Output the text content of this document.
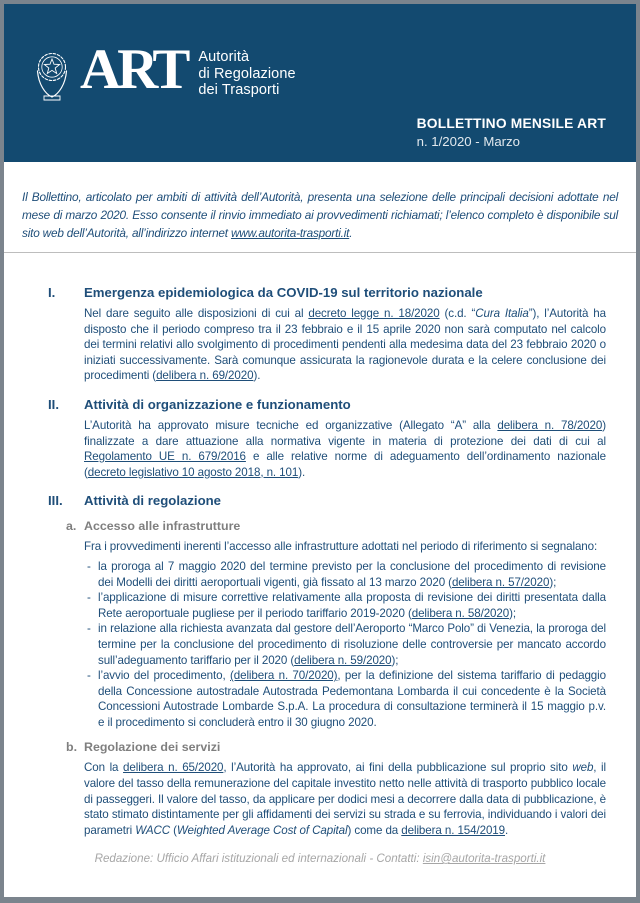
ART Autorità
di Regolazione
dei Trasporti
BOLLETTINO MENSILE ART
n. 1/2020 - Marzo

Il Bollettino, articolato per ambiti di attività dell’Autorità, presenta una selezione delle principali decisioni adottate nel mese di marzo 2020. Esso consente il rinvio immediato ai provvedimenti richiamati; l’elenco completo è disponibile sul sito web dell’Autorità, all’indirizzo internet www.autorita-trasporti.it.

I.	Emergenza epidemiologica da COVID-19 sul territorio nazionale

Nel dare seguito alle disposizioni di cui al decreto legge n. 18/2020 (c.d. “Cura Italia”), l’Autorità ha disposto che il periodo compreso tra il 23 febbraio e il 15 aprile 2020 non sarà computato nel calcolo dei termini relativi allo svolgimento di procedimenti pendenti alla medesima data del 23 febbraio 2020 o iniziati successivamente. Sarà comunque assicurata la ragionevole durata e la celere conclusione dei procedimenti (delibera n. 69/2020).

II.	Attività di organizzazione e funzionamento

L’Autorità ha approvato misure tecniche ed organizzative (Allegato “A” alla delibera n. 78/2020) finalizzate a dare attuazione alla normativa vigente in materia di protezione dei dati di cui al Regolamento UE n. 679/2016 e alle relative norme di adeguamento dell’ordinamento nazionale (decreto legislativo 10 agosto 2018, n. 101).

III.	Attività di regolazione
a. Accesso alle infrastrutture

Fra i provvedimenti inerenti l’accesso alle infrastrutture adottati nel periodo di riferimento si segnalano:

- la proroga al 7 maggio 2020 del termine previsto per la conclusione del procedimento di revisione dei Modelli dei diritti aeroportuali vigenti, già fissato al 13 marzo 2020 (delibera n. 57/2020);

- l’applicazione di misure correttive relativamente alla proposta di revisione dei diritti presentata dalla Rete aeroportuale pugliese per il periodo tariffario 2019-2020 (delibera n. 58/2020);

- in relazione alla richiesta avanzata dal gestore dell’Aeroporto “Marco Polo” di Venezia, la proroga del termine per la conclusione del procedimento di risoluzione delle controversie per mancato accordo sull’adeguamento tariffario per il 2020 (delibera n. 59/2020);

- l’avvio del procedimento, (delibera n. 70/2020), per la definizione del sistema tariffario di pedaggio della Concessione autostradale Autostrada Pedemontana Lombarda il cui concedente è la Società Concessioni Autostrade Lombarde S.p.A. La procedura di consultazione terminerà il 15 maggio p.v. e il procedimento si concluderà entro il 30 giugno 2020.

b. Regolazione dei servizi

Con la delibera n. 65/2020, l’Autorità ha approvato, ai fini della pubblicazione sul proprio sito web, il valore del tasso della remunerazione del capitale investito netto nelle attività di trasporto pubblico locale di passeggeri. Il valore del tasso, da applicare per dodici mesi a decorrere dalla data di pubblicazione, è stato stimato distintamente per gli affidamenti dei servizi su strada e su ferrovia, individuando i valori dei parametri WACC (Weighted Average Cost of Capital) come da delibera n. 154/2019.

Redazione: Ufficio Affari istituzionali ed internazionali - Contatti: isin@autorita-trasporti.it
